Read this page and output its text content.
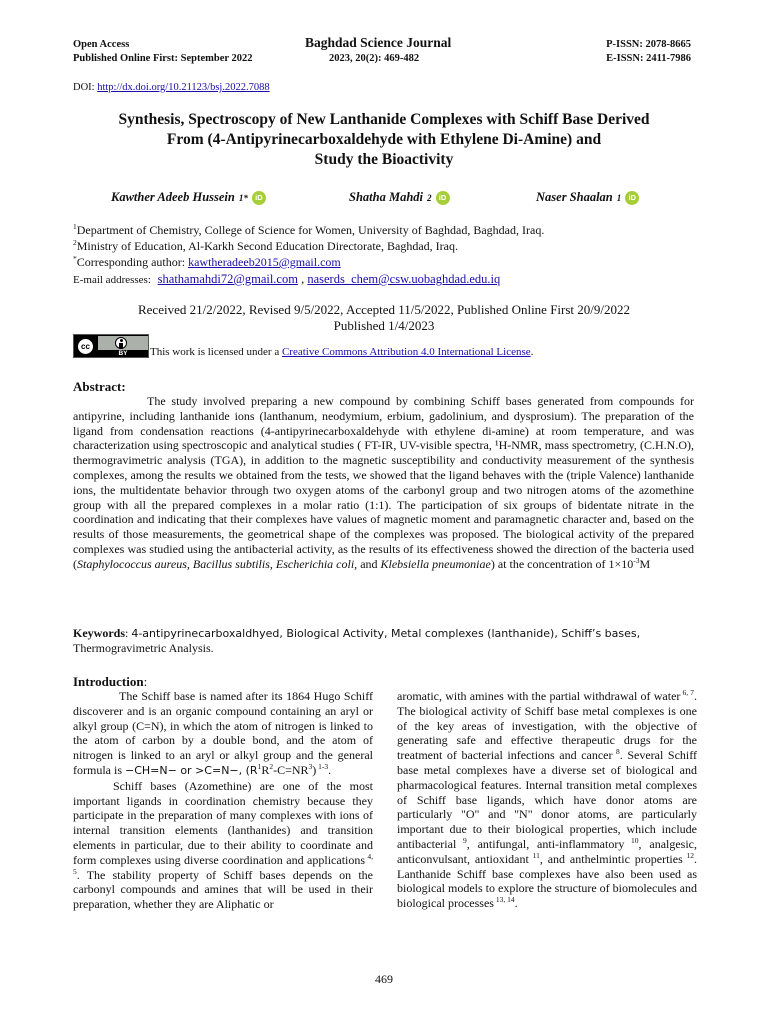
Open Access
Published Online First: September 2022
Baghdad Science Journal
2023, 20(2): 469-482
P-ISSN: 2078-8665
E-ISSN: 2411-7986
DOI: http://dx.doi.org/10.21123/bsj.2022.7088
Synthesis, Spectroscopy of New Lanthanide Complexes with Schiff Base Derived
From (4-Antipyrinecarboxaldehyde with Ethylene Di-Amine) and
Study the Bioactivity
Kawther Adeeb Hussein 1* iD	Shatha Mahdi 2 iD	Naser Shaalan 1 iD
$^1$Department of Chemistry, College of Science for Women, University of Baghdad, Baghdad, Iraq.
$^2$Ministry of Education, Al-Karkh Second Education Directorate, Baghdad, Iraq.
*Corresponding author: kawtheradeeb2015@gmail.com
E-mail addresses: shathamahdi72@gmail.com , naserds_chem@csw.uobaghdad.edu.iq
Received 21/2/2022, Revised 9/5/2022, Accepted 11/5/2022, Published Online First 20/9/2022
Published 1/4/2023
cc
BY	This work is licensed under a Creative Commons Attribution 4.0 International License.
Abstract:
The study involved preparing a new compound by combining Schiff bases generated from compounds for antipyrine, including lanthanide ions (lanthanum, neodymium, erbium, gadolinium, and dysprosium). The preparation of the ligand from condensation reactions (4-antipyrinecarboxaldehyde with ethylene di-amine) at room temperature, and was characterization using spectroscopic and analytical studies ( FT-IR, UV-visible spectra, ¹H-NMR, mass spectrometry, (C.H.N.O), thermogravimetric analysis (TGA), in addition to the magnetic susceptibility and conductivity measurement of the synthesis complexes, among the results we obtained from the tests, we showed that the ligand behaves with the (triple Valence) lanthanide ions, the multidentate behavior through two oxygen atoms of the carbonyl group and two nitrogen atoms of the azomethine group with all the prepared complexes in a molar ratio (1:1). The participation of six groups of bidentate nitrate in the coordination and indicating that their complexes have values of magnetic moment and paramagnetic character and, based on the results of those measurements, the geometrical shape of the complexes was proposed. The biological activity of the prepared complexes was studied using the antibacterial activity, as the results of its effectiveness showed the direction of the bacteria used (Staphylococcus aureus, Bacillus subtilis, Escherichia coli, and Klebsiella pneumoniae) at the concentration of $1\times 10^{-3}M$
Keywords: 4-antipyrinecarboxaldhyed, Biological Activity, Metal complexes (lanthanide), Schiff’s bases,
Thermogravimetric Analysis.
Introduction:

The Schiff base is named after its 1864 Hugo Schiff discoverer and is an organic compound containing an aryl or alkyl group (C=N), in which the atom of nitrogen is linked to the atom of carbon by a double bond, and the atom of nitrogen is linked to an aryl or alkyl group and the general formula is −CH=N− or >C=N−, $(R^1R^2-C=NR^3)$ $^{1-3}$.

Schiff bases (Azomethine) are one of the most important ligands in coordination chemistry because they participate in the preparation of many complexes with ions of internal transition elements (lanthanides) and transition elements in particular, due to their ability to coordinate and form complexes using diverse coordination and applications $^{4, 5}$. The stability property of Schiff bases depends on the carbonyl compounds and amines that will be used in their preparation, whether they are Aliphatic or

aromatic, with amines with the partial withdrawal of water $^{6, 7}$. The biological activity of Schiff base metal complexes is one of the key areas of investigation, with the objective of generating safe and effective therapeutic drugs for the treatment of bacterial infections and cancer $^8$. Several Schiff base metal complexes have a diverse set of biological and pharmacological features. Internal transition metal complexes of Schiff base ligands, which have donor atoms are particularly "O" and "N" donor atoms, are particularly important due to their biological properties, which include antibacterial $^9$, antifungal, anti-inflammatory $^{10}$, analgesic, anticonvulsant, antioxidant $^{11}$, and anthelmintic properties $^{12}$. Lanthanide Schiff base complexes have also been used as biological models to explore the structure of biomolecules and biological processes $^{13, 14}$.

469
